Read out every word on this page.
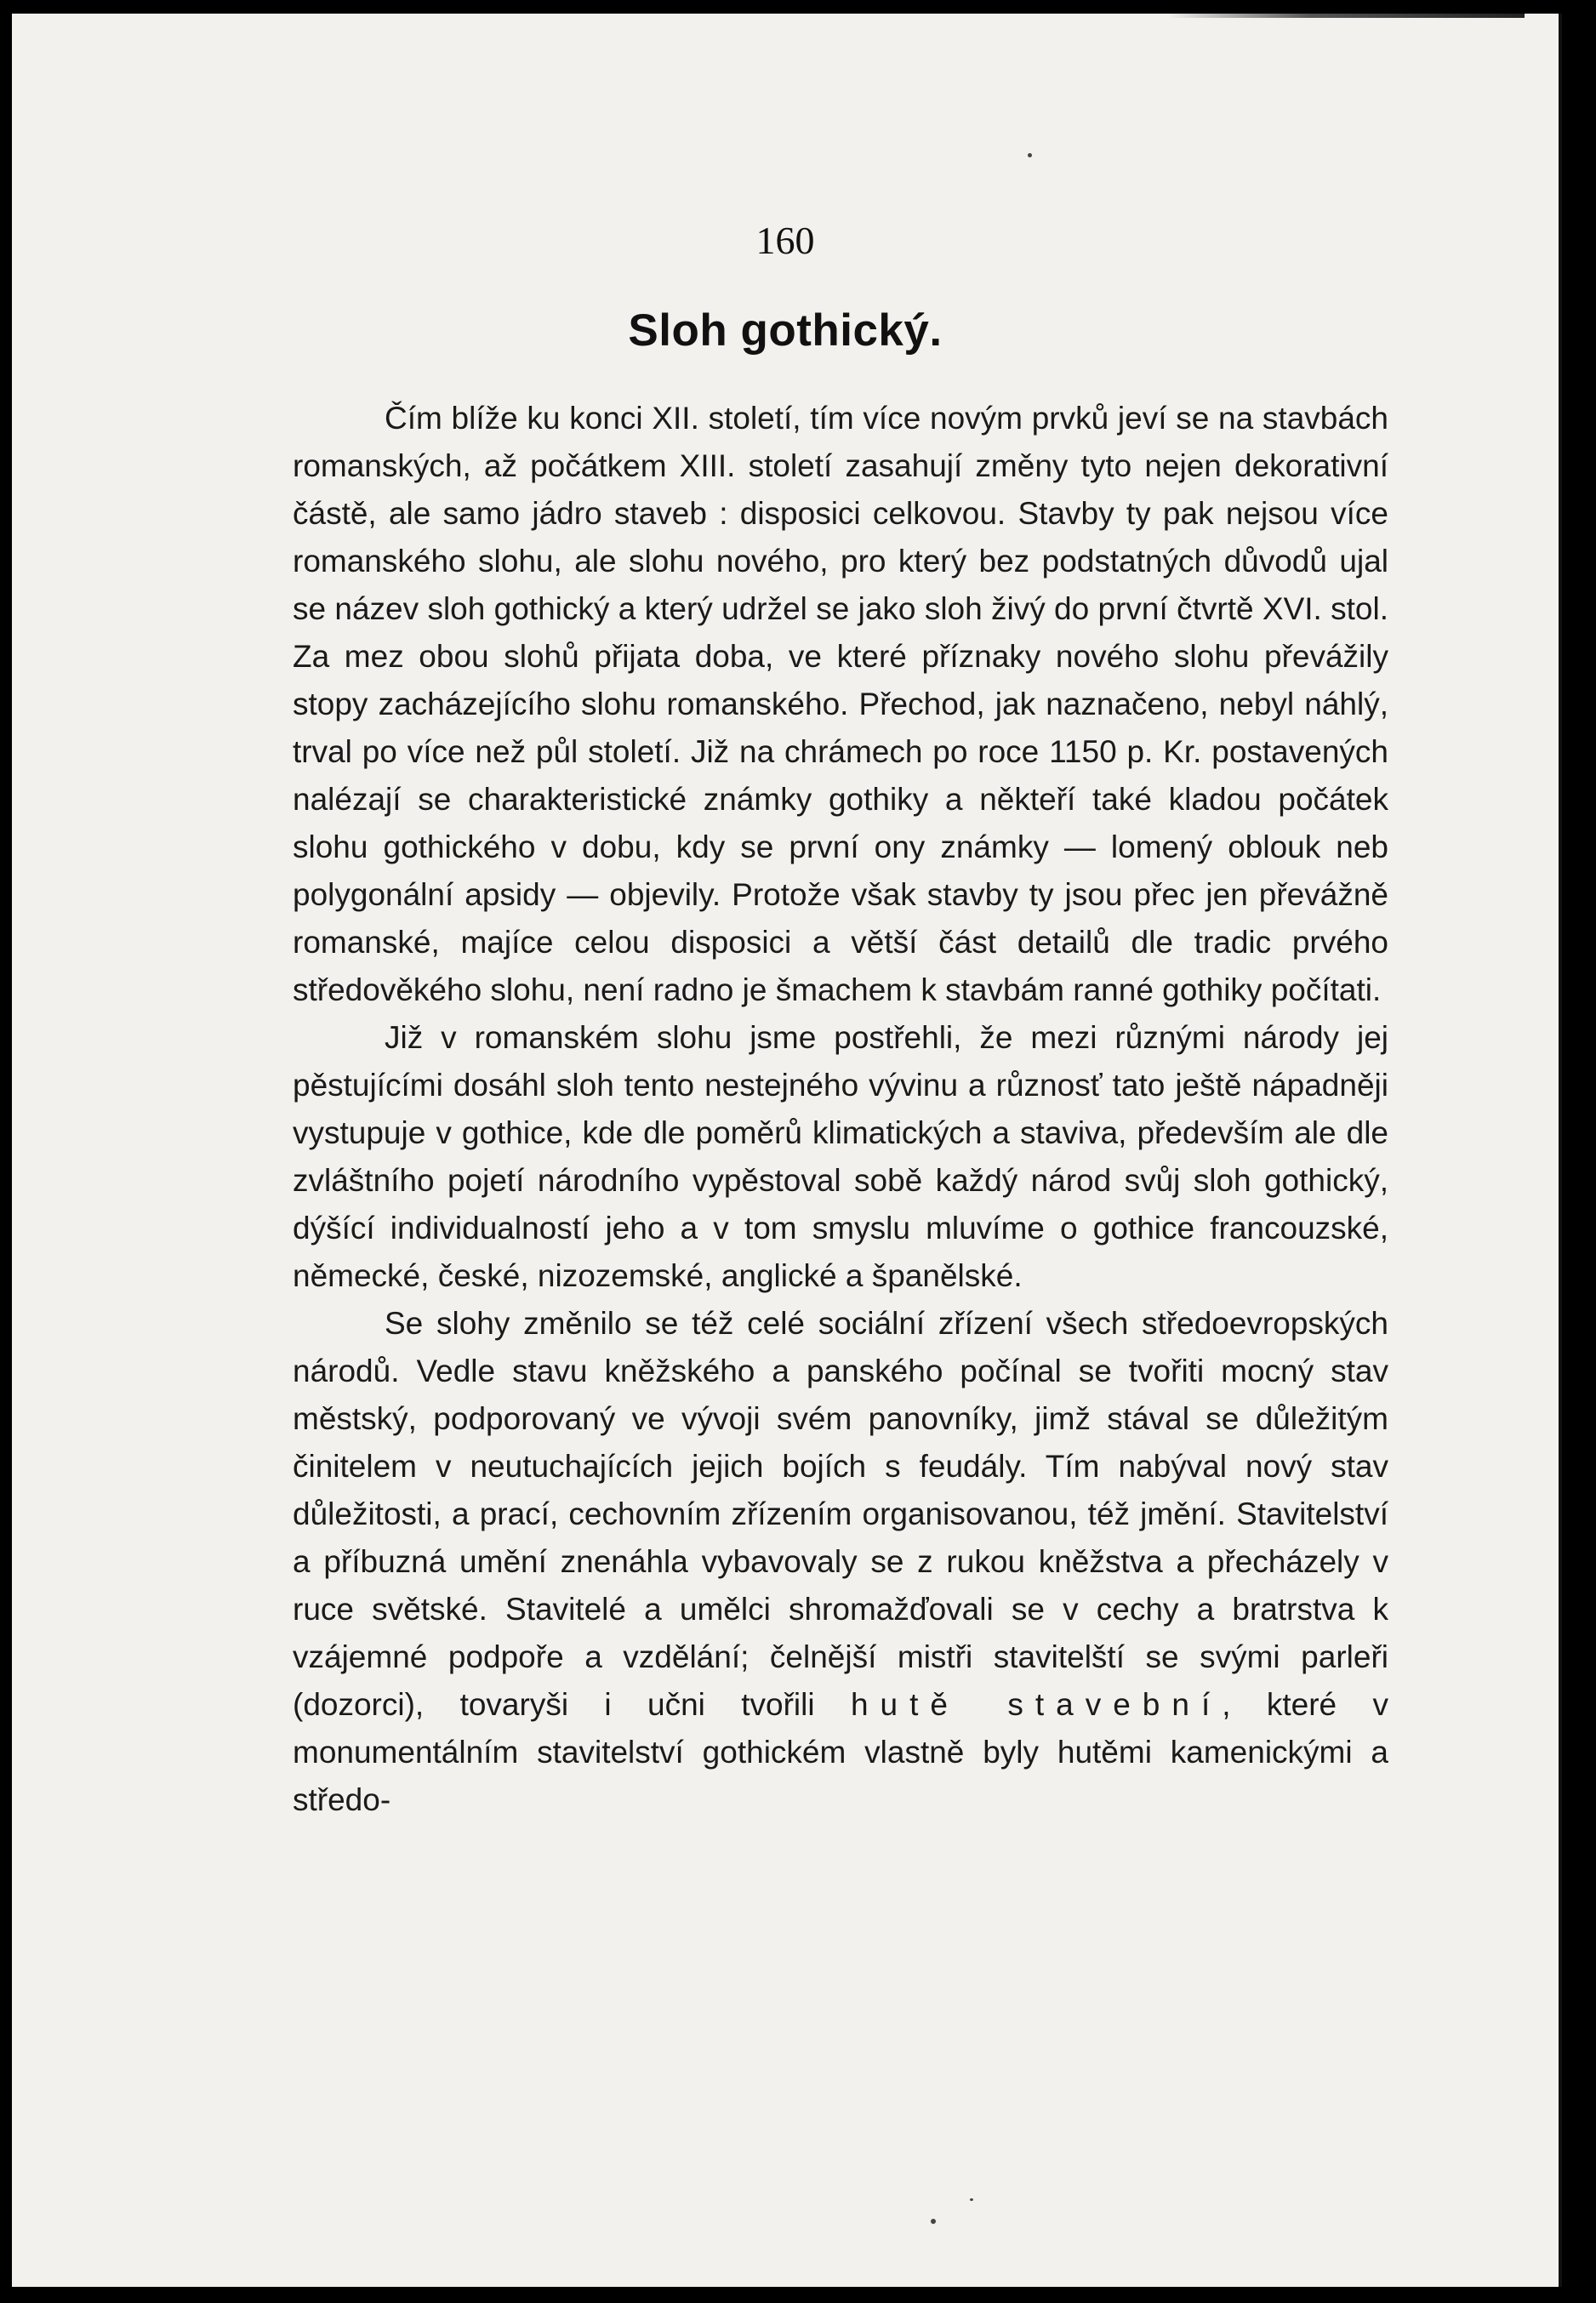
160
Sloh gothický.

Čím blíže ku konci XII. století, tím více novým prvků jeví se na stavbách romanských, až počátkem XIII. století zasahují změny tyto nejen dekorativní částě, ale samo jádro staveb : disposici celkovou. Stavby ty pak nejsou více romanského slohu, ale slohu nového, pro který bez podstatných důvodů ujal se název sloh gothický a který udržel se jako sloh živý do první čtvrtě XVI. stol. Za mez obou slohů přijata doba, ve které příznaky nového slohu převážily stopy zacházejícího slohu romanského. Přechod, jak naznačeno, nebyl náhlý, trval po více než půl století. Již na chrámech po roce 1150 p. Kr. postavených nalézají se charakteristické známky gothiky a někteří také kladou počátek slohu gothického v dobu, kdy se první ony známky — lomený oblouk neb polygonální apsidy — objevily. Protože však stavby ty jsou přec jen převážně romanské, majíce celou disposici a větší část detailů dle tradic prvého středověkého slohu, není radno je šmachem k stavbám ranné gothiky počítati.

Již v romanském slohu jsme postřehli, že mezi různými národy jej pěstujícími dosáhl sloh tento nestejného vývinu a různosť tato ještě nápadněji vystupuje v gothice, kde dle poměrů klimatických a staviva, především ale dle zvláštního pojetí národního vypěstoval sobě každý národ svůj sloh gothický, dýšící individualností jeho a v tom smyslu mluvíme o gothice francouzské, německé, české, nizozemské, anglické a španělské.

Se slohy změnilo se též celé sociální zřízení všech středoevropských národů. Vedle stavu kněžského a panského počínal se tvořiti mocný stav městský, podporovaný ve vývoji svém panovníky, jimž stával se důležitým činitelem v neutuchajících jejich bojích s feudály. Tím nabýval nový stav důležitosti, a prací, cechovním zřízením organisovanou, též jmění. Stavitelství a příbuzná umění znenáhla vybavovaly se z rukou kněžstva a přecházely v ruce světské. Stavitelé a umělci shromažďovali se v cechy a bratrstva k vzájemné podpoře a vzdělání; čelnější mistři stavitelští se svými parleři (dozorci), tovaryši i učni tvořili hutě stavební, které v monumentálním stavitelství gothickém vlastně byly hutěmi kamenickými a středo-
